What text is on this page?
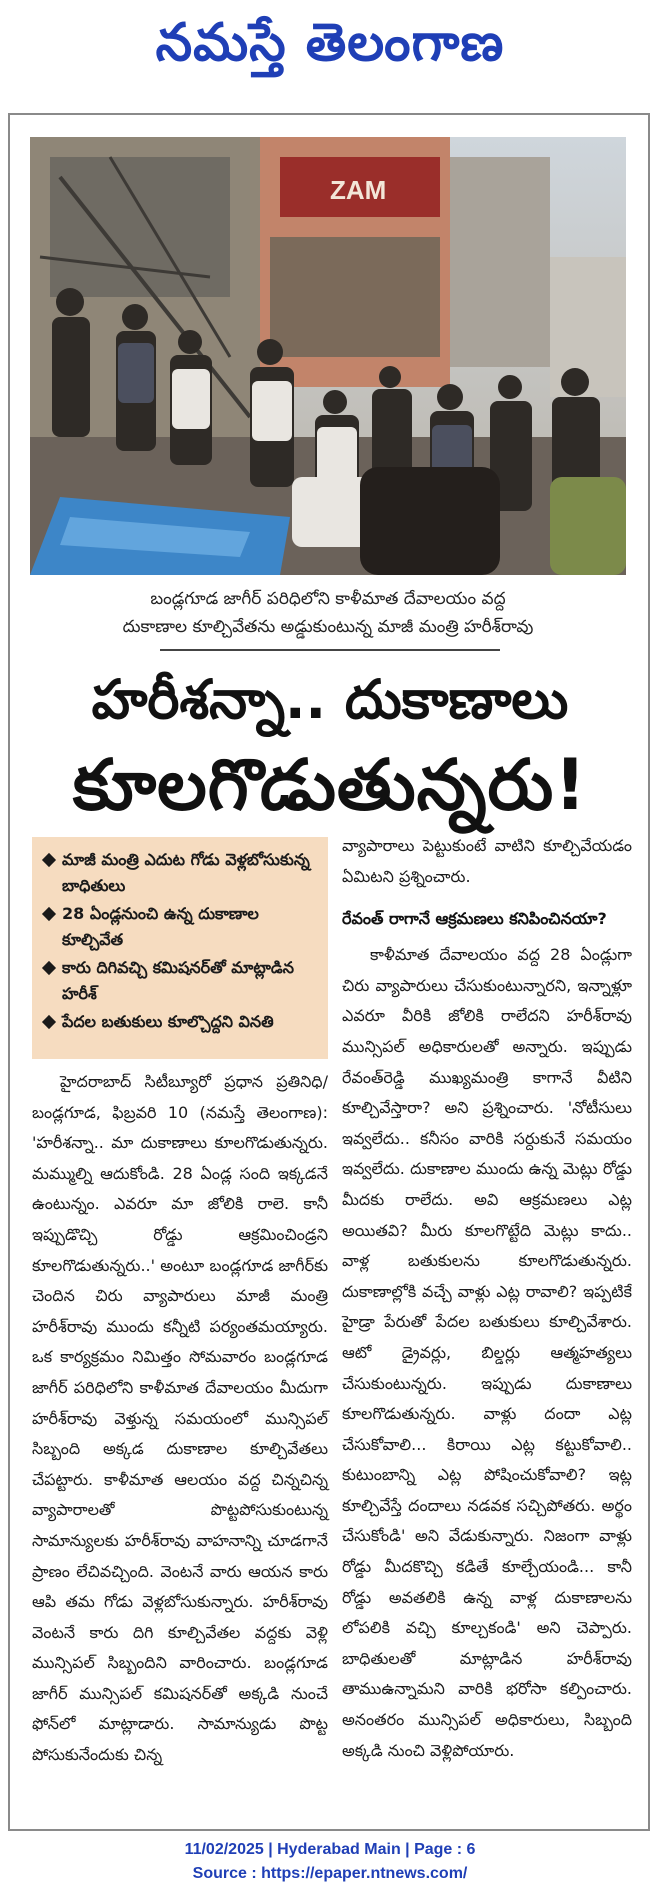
నమస్తే తెలంగాణ
ZAM
బండ్లగూడ జాగీర్ పరిధిలోని కాళీమాత దేవాలయం వద్ద
దుకాణాల కూల్చివేతను అడ్డుకుంటున్న మాజీ మంత్రి హరీశ్‌రావు
హరీశన్నా.. దుకాణాలు
కూలగొడుతున్నరు!
మాజీ మంత్రి ఎదుట గోడు వెళ్లబోసుకున్న బాధితులు
28 ఏండ్లనుంచి ఉన్న దుకాణాల కూల్చివేత
కారు దిగివచ్చి కమిషనర్‌తో మాట్లాడిన హరీశ్
పేదల బతుకులు కూల్చొద్దని వినతి

హైదరాబాద్ సిటీబ్యూరో ప్రధాన ప్రతినిధి/బండ్లగూడ, ఫిబ్రవరి 10 (నమస్తే తెలంగాణ): 'హరీశన్నా.. మా దుకాణాలు కూలగొడుతున్నరు. మమ్ముల్ని ఆదుకోండి. 28 ఏండ్ల సంది ఇక్కడనే ఉంటున్నం. ఎవరూ మా జోలికి రాలె. కానీ ఇప్పుడొచ్చి రోడ్డు ఆక్రమించిండ్రని కూలగొడుతున్నరు..' అంటూ బండ్లగూడ జాగీర్‌కు చెందిన చిరు వ్యాపారులు మాజీ మంత్రి హరీశ్‌రావు ముందు కన్నీటి పర్యంతమయ్యారు. ఒక కార్యక్రమం నిమిత్తం సోమవారం బండ్లగూడ జాగీర్ పరిధిలోని కాళీమాత దేవాలయం మీదుగా హరీశ్‌రావు వెళ్తున్న సమయంలో మున్సిపల్ సిబ్బంది అక్కడ దుకాణాల కూల్చివేతలు చేపట్టారు. కాళీమాత ఆలయం వద్ద చిన్నచిన్న వ్యాపారాలతో పొట్టపోసుకుంటున్న సామాన్యులకు హరీశ్‌రావు వాహనాన్ని చూడగానే ప్రాణం లేచివచ్చింది. వెంటనే వారు ఆయన కారు ఆపి తమ గోడు వెళ్లబోసుకున్నారు. హరీశ్‌రావు వెంటనే కారు దిగి కూల్చివేతల వద్దకు వెళ్లి మున్సిపల్ సిబ్బందిని వారించారు. బండ్లగూడ జాగీర్ మున్సిపల్ కమిషనర్‌తో అక్కడి నుంచే ఫోన్‌లో మాట్లాడారు. సామాన్యుడు పొట్ట పోసుకునేందుకు చిన్న

వ్యాపారాలు పెట్టుకుంటే వాటిని కూల్చివేయడం ఏమిటని ప్రశ్నించారు.

రేవంత్ రాగానే ఆక్రమణలు కనిపించినయా?

కాళీమాత దేవాలయం వద్ద 28 ఏండ్లుగా చిరు వ్యాపారులు చేసుకుంటున్నారని, ఇన్నాళ్లూ ఎవరూ వీరికి జోలికి రాలేదని హరీశ్‌రావు మున్సిపల్ అధికారులతో అన్నారు. ఇప్పుడు రేవంత్‌రెడ్డి ముఖ్యమంత్రి కాగానే వీటిని కూల్చివేస్తారా? అని ప్రశ్నించారు. 'నోటీసులు ఇవ్వలేదు.. కనీసం వారికి సర్దుకునే సమయం ఇవ్వలేదు. దుకాణాల ముందు ఉన్న మెట్లు రోడ్డు మీదకు రాలేదు. అవి ఆక్రమణలు ఎట్ల అయితవి? మీరు కూలగొట్టేది మెట్లు కాదు.. వాళ్ల బతుకులను కూలగొడుతున్నరు. దుకాణాల్లోకి వచ్చే వాళ్లు ఎట్ల రావాలి? ఇప్పటికే హైడ్రా పేరుతో పేదల బతుకులు కూల్చివేశారు. ఆటో డ్రైవర్లు, బిల్డర్లు ఆత్మహత్యలు చేసుకుంటున్నరు. ఇప్పుడు దుకాణాలు కూలగొడుతున్నరు. వాళ్లు దందా ఎట్ల చేసుకోవాలి... కిరాయి ఎట్ల కట్టుకోవాలి.. కుటుంబాన్ని ఎట్ల పోషించుకోవాలి? ఇట్ల కూల్చివేస్తే దందాలు నడవక సచ్చిపోతరు. అర్థం చేసుకోండి' అని వేడుకున్నారు. నిజంగా వాళ్లు రోడ్డు మీదకొచ్చి కడితే కూల్చేయండి... కానీ రోడ్డు అవతలికి ఉన్న వాళ్ల దుకాణాలను లోపలికి వచ్చి కూల్చకండి' అని చెప్పారు. బాధితులతో మాట్లాడిన హరీశ్‌రావు తాముఉన్నామని వారికి భరోసా కల్పించారు. అనంతరం మున్సిపల్ అధికారులు, సిబ్బంది అక్కడి నుంచి వెళ్లిపోయారు.

11/02/2025 | Hyderabad Main | Page : 6
Source : https://epaper.ntnews.com/
